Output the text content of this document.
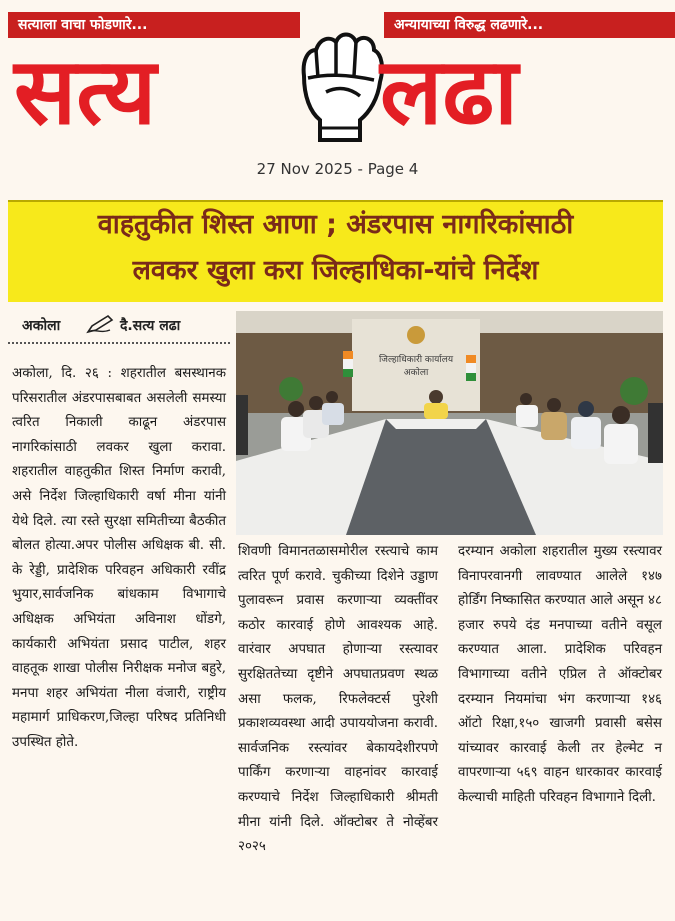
सत्याला वाचा फोडणारे...	अन्यायाच्या विरुद्ध लढणारे...
सत्य लढा
27 Nov 2025 - Page 4
वाहतुकीत शिस्त आणा ; अंडरपास नागरिकांसाठी
लवकर खुला करा जिल्हाधिका-यांचे निर्देश
अकोला	दै.सत्य लढा
जिल्हाधिकारी कार्यालय
अकोला
अकोला, दि. २६ : शहरातील बसस्थानक परिसरातील अंडरपासबाबत असलेली समस्या त्वरित निकाली काढून अंडरपास नागरिकांसाठी लवकर खुला करावा. शहरातील वाहतुकीत शिस्त निर्माण करावी, असे निर्देश जिल्हाधिकारी वर्षा मीना यांनी येथे दिले. त्या रस्ते सुरक्षा समितीच्या बैठकीत बोलत होत्या.अपर पोलीस अधिक्षक बी. सी. के रेड्डी, प्रादेशिक परिवहन अधिकारी रवींद्र भुयार,सार्वजनिक बांधकाम विभागाचे अधिक्षक अभियंता अविनाश धोंडगे, कार्यकारी अभियंता प्रसाद पाटील, शहर वाहतूक शाखा पोलीस निरीक्षक मनोज बहुरे, मनपा शहर अभियंता नीला वंजारी, राष्ट्रीय महामार्ग प्राधिकरण,जिल्हा परिषद प्रतिनिधी उपस्थित होते.
शिवणी विमानतळासमोरील रस्त्याचे काम त्वरित पूर्ण करावे. चुकीच्या दिशेने उड्डाण पुलावरून प्रवास करणाऱ्या व्यक्तींवर कठोर कारवाई होणे आवश्यक आहे. वारंवार अपघात होणाऱ्या रस्त्यावर सुरक्षिततेच्या दृष्टीने अपघातप्रवण स्थळ असा फलक, रिफलेक्टर्स पुरेशी प्रकाशव्यवस्था आदी उपाययोजना करावी. सार्वजनिक रस्त्यांवर बेकायदेशीरपणे पार्किंग करणाऱ्या वाहनांवर कारवाई करण्याचे निर्देश जिल्हाधिकारी श्रीमती मीना यांनी दिले. ऑक्टोबर ते नोव्हेंबर २०२५
दरम्यान अकोला शहरातील मुख्य रस्त्यावर विनापरवानगी लावण्यात आलेले १४७ होर्डिंग निष्कासित करण्यात आले असून ४८ हजार रुपये दंड मनपाच्या वतीने वसूल करण्यात आला. प्रादेशिक परिवहन विभागाच्या वतीने एप्रिल ते ऑक्टोबर दरम्यान नियमांचा भंग करणाऱ्या १४६ ऑटो रिक्षा,१५० खाजगी प्रवासी बसेस यांच्यावर कारवाई केली तर हेल्मेट न वापरणाऱ्या ५६९ वाहन धारकावर कारवाई केल्याची माहिती परिवहन विभागाने दिली.
